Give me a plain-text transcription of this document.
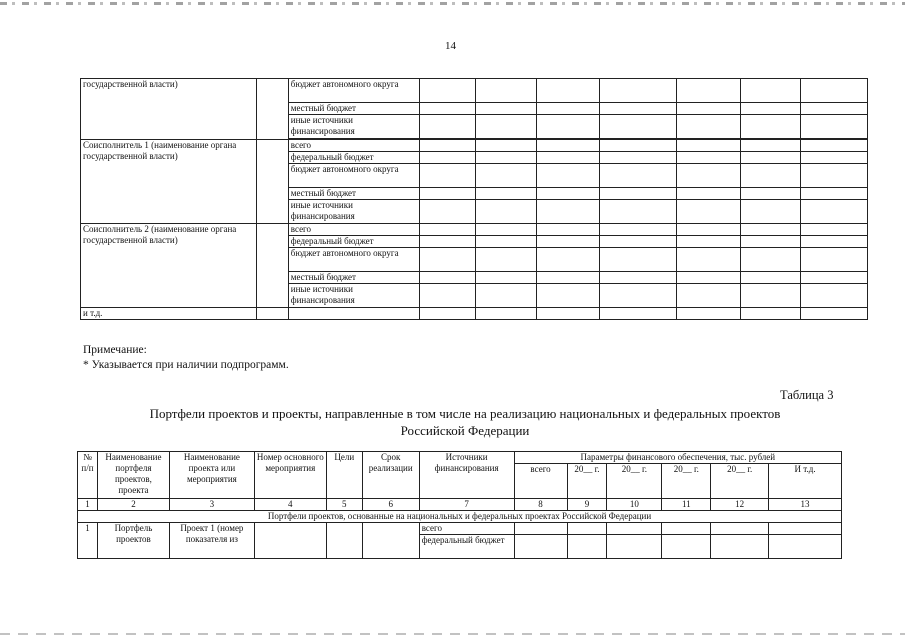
14
государственной власти)		бюджет автономного округа							
		местный бюджет							
		иные источники финансирования							

Соисполнитель 1 (наименование органа государственной власти)		всего							
		федеральный бюджет							
		бюджет автономного округа							
		местный бюджет							
		иные источники финансирования							
Соисполнитель 2 (наименование органа государственной власти)		всего							
		федеральный бюджет							
		бюджет автономного округа							
		местный бюджет							
		иные источники финансирования							
и т.д.									
Примечание:
* Указывается при наличии подпрограмм.
Таблица 3
Портфели проектов и проекты, направленные в том числе на реализацию национальных и федеральных проектов Российской Федерации
№ п/п	Наименование портфеля проектов, проекта	Наименование проекта или мероприятия	Номер основного мероприятия	Цели	Срок реализации	Источники финансирования	Параметры финансового обеспечения, тыс. рублей					
							всего	20__ г.	20__ г.	20__ г.	20__ г.	И т.д.
1	2	3	4	5	6	7	8	9	10	11	12	13
Портфели проектов, основанные на национальных и федеральных проектах Российской Федерации												
1	Портфель проектов	Проект 1 (номер показателя из				всего						
						федеральный бюджет						
